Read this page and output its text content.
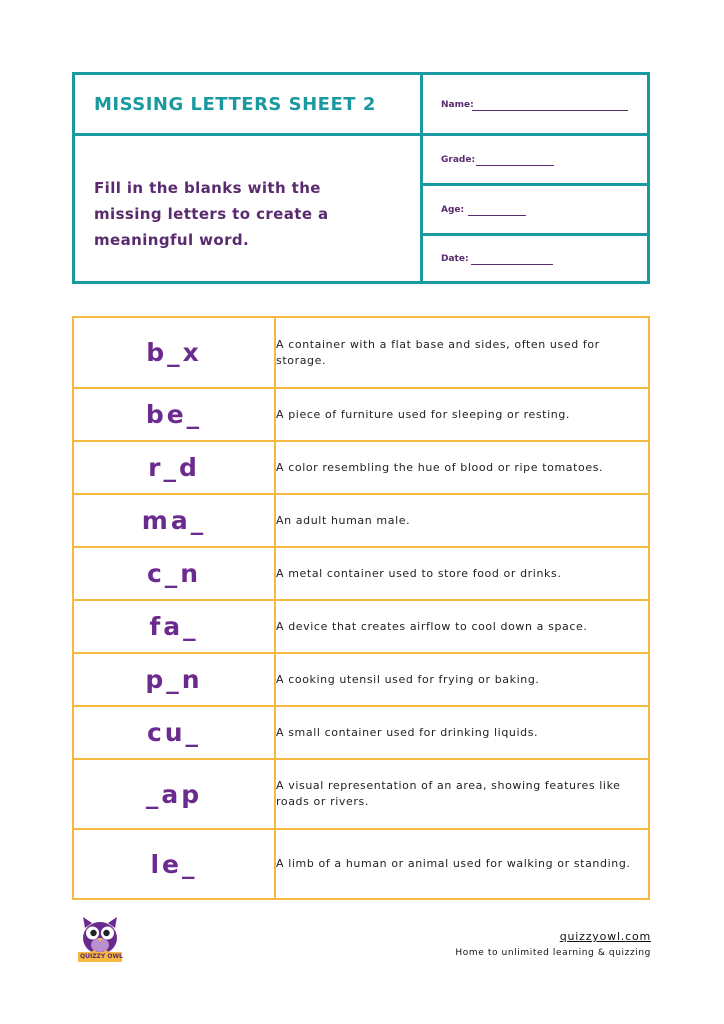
MISSING LETTERS SHEET 2
Fill in the blanks with the missing letters to create a meaningful word.
Name:
Grade:
Age:
Date:
b_x	A container with a flat base and sides, often used for storage.
be_	A piece of furniture used for sleeping or resting.
r_d	A color resembling the hue of blood or ripe tomatoes.
ma_	An adult human male.
c_n	A metal container used to store food or drinks.
fa_	A device that creates airflow to cool down a space.
p_n	A cooking utensil used for frying or baking.
cu_	A small container used for drinking liquids.
_ap	A visual representation of an area, showing features like roads or rivers.
le_	A limb of a human or animal used for walking or standing.
QUIZZY OWL
quizzyowl.com
Home to unlimited learning & quizzing
